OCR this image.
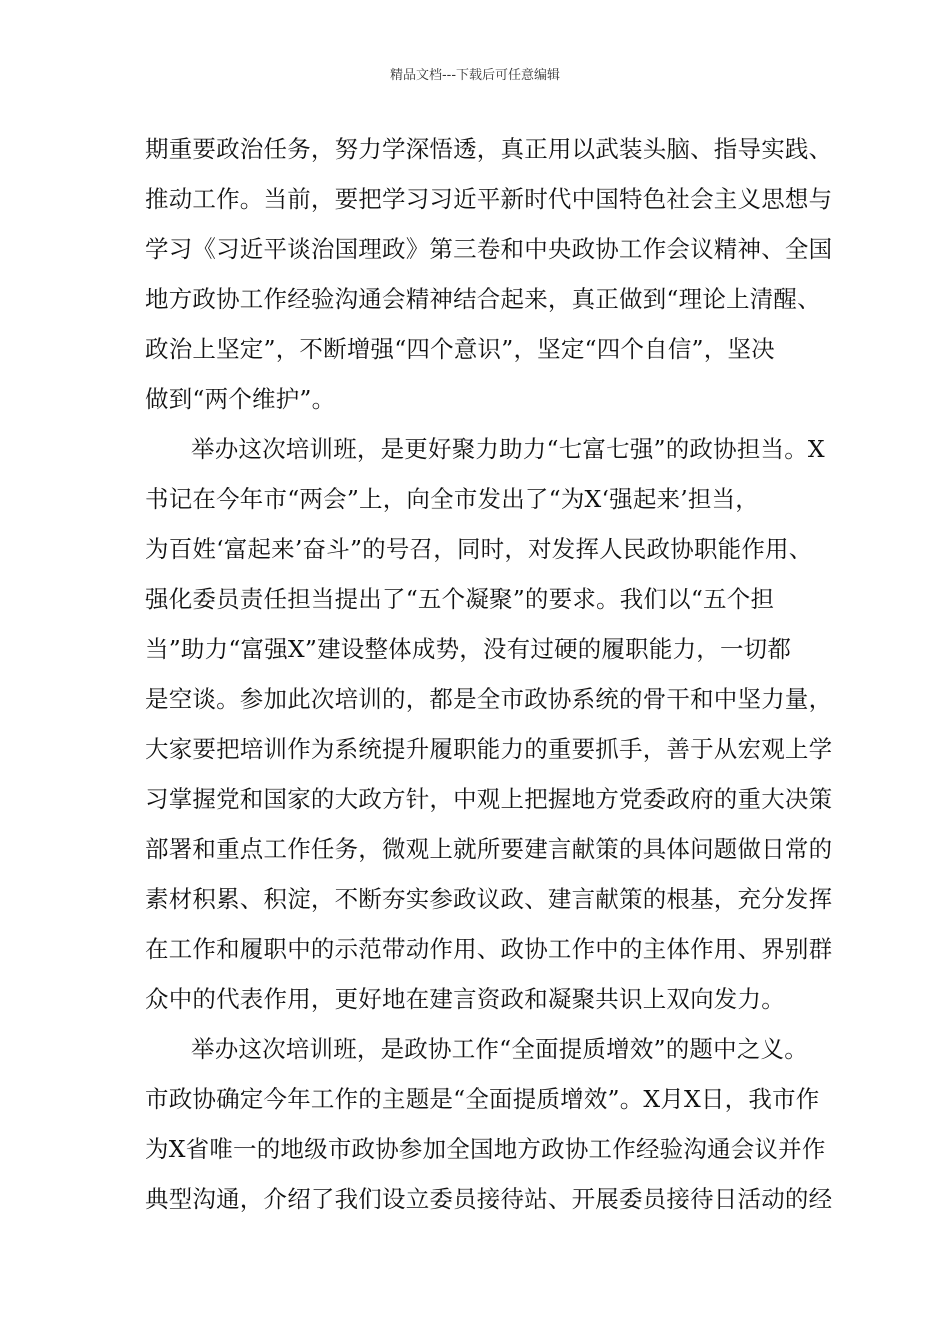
精品文档---下载后可任意编辑
期重要政治任务，努力学深悟透，真正用以武装头脑、指导实践、
推动工作。当前，要把学习习近平新时代中国特色社会主义思想与
学习《习近平谈治国理政》第三卷和中央政协工作会议精神、全国
地方政协工作经验沟通会精神结合起来，真正做到“理论上清醒、
政治上坚定”，不断增强“四个意识”，坚定“四个自信”，坚决
做到“两个维护”。
举办这次培训班，是更好聚力助力“七富七强”的政协担当。X
书记在今年市“两会”上，向全市发出了“为X‘强起来’担当，
为百姓‘富起来’奋斗”的号召，同时，对发挥人民政协职能作用、
强化委员责任担当提出了“五个凝聚”的要求。我们以“五个担
当”助力“富强X”建设整体成势，没有过硬的履职能力，一切都
是空谈。参加此次培训的，都是全市政协系统的骨干和中坚力量，
大家要把培训作为系统提升履职能力的重要抓手，善于从宏观上学
习掌握党和国家的大政方针，中观上把握地方党委政府的重大决策
部署和重点工作任务，微观上就所要建言献策的具体问题做日常的
素材积累、积淀，不断夯实参政议政、建言献策的根基，充分发挥
在工作和履职中的示范带动作用、政协工作中的主体作用、界别群
众中的代表作用，更好地在建言资政和凝聚共识上双向发力。
举办这次培训班，是政协工作“全面提质增效”的题中之义。
市政协确定今年工作的主题是“全面提质增效”。X月X日，我市作
为X省唯一的地级市政协参加全国地方政协工作经验沟通会议并作
典型沟通，介绍了我们设立委员接待站、开展委员接待日活动的经
